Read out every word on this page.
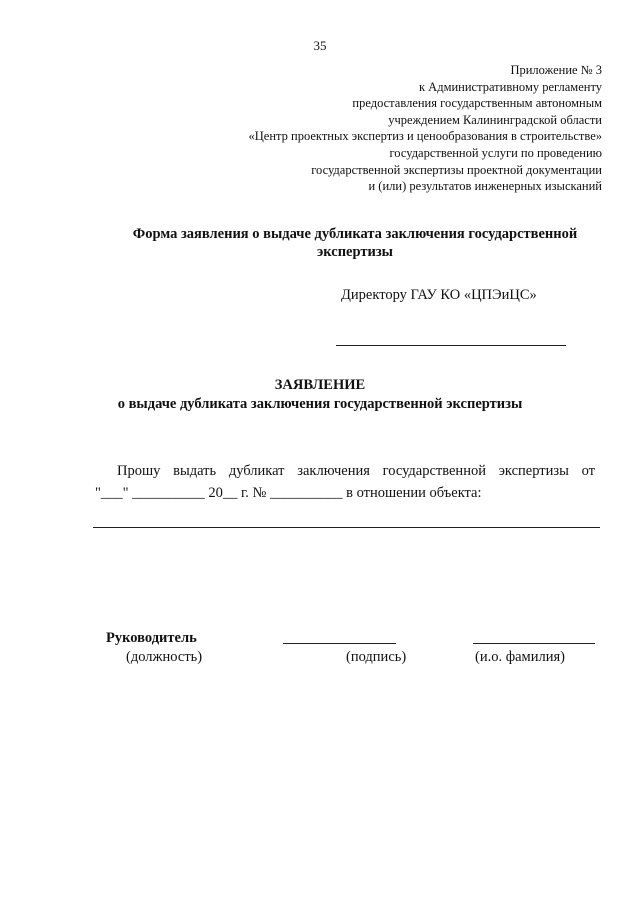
35
Приложение № 3
к Административному регламенту
предоставления государственным автономным
учреждением Калининградской области
«Центр проектных экспертиз и ценообразования в строительстве»
государственной услуги по проведению
государственной экспертизы проектной документации
и (или) результатов инженерных изысканий
Форма заявления о выдаче дубликата заключения государственной
экспертизы
Директору ГАУ КО «ЦПЭиЦС»
ЗАЯВЛЕНИЕ
о выдаче дубликата заключения государственной экспертизы
Прошу выдать дубликат заключения государственной экспертизы от
"___" __________ 20__ г. № __________ в отношении объекта:
Руководитель
(должность)	(подпись)	(и.о. фамилия)
